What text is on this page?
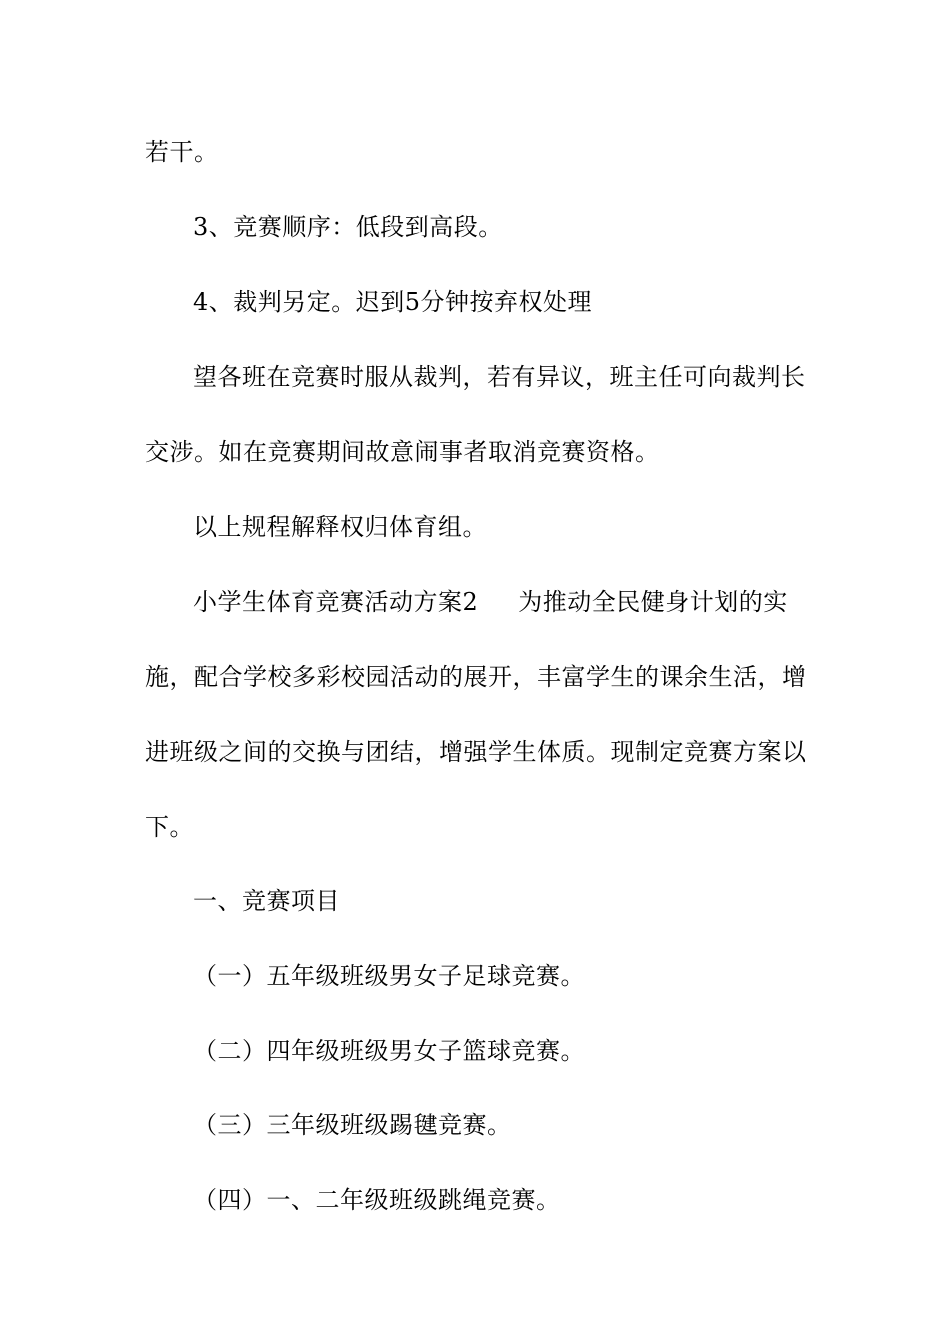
若干。
3、竞赛顺序：低段到高段。
4、裁判另定。迟到5分钟按弃权处理
望各班在竞赛时服从裁判，若有异议，班主任可向裁判长
交涉。如在竞赛期间故意闹事者取消竞赛资格。
以上规程解释权归体育组。
小学生体育竞赛活动方案2 为推动全民健身计划的实
施，配合学校多彩校园活动的展开，丰富学生的课余生活，增
进班级之间的交换与团结，增强学生体质。现制定竞赛方案以
下。
一、竞赛项目
（一）五年级班级男女子足球竞赛。
（二）四年级班级男女子篮球竞赛。
（三）三年级班级踢毽竞赛。
（四）一、二年级班级跳绳竞赛。
